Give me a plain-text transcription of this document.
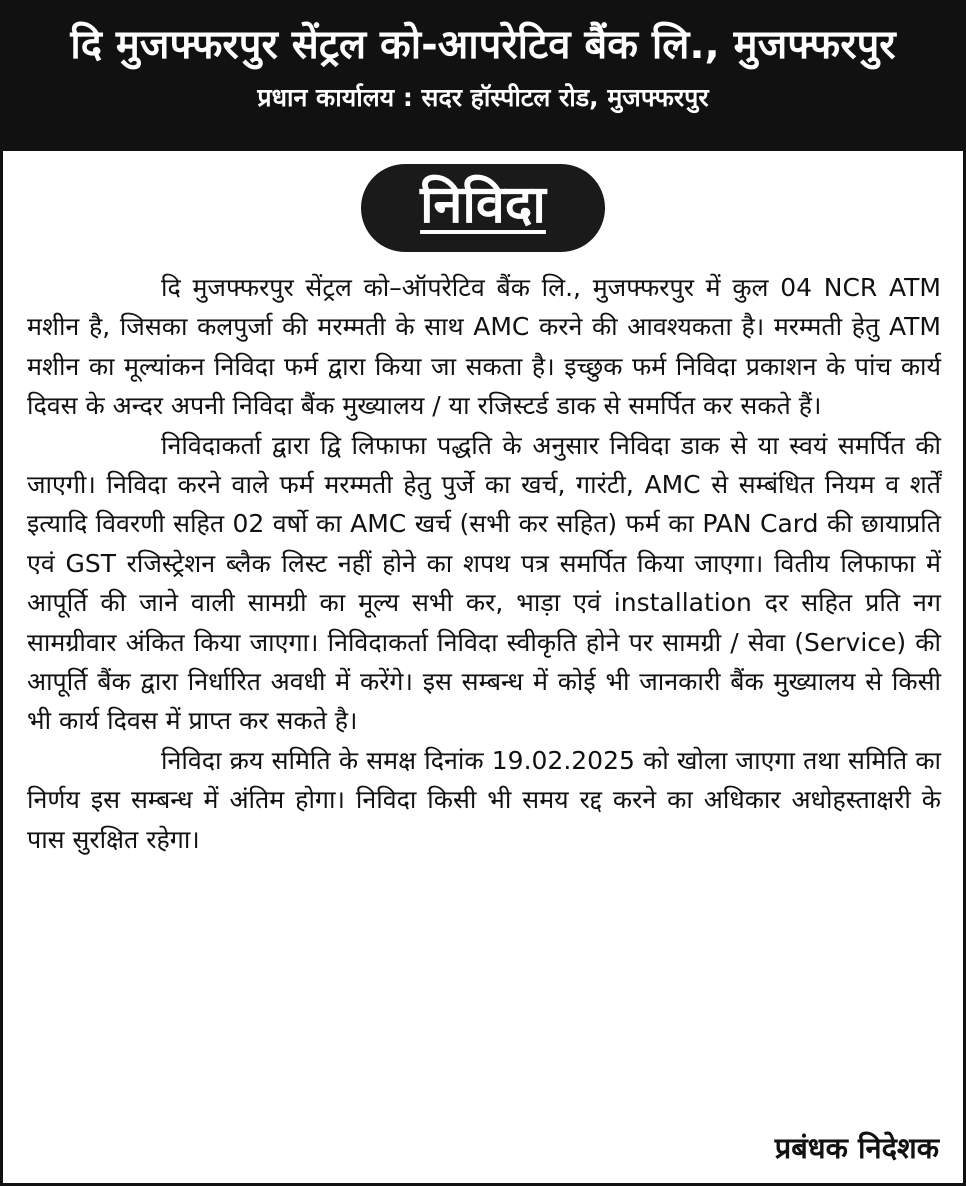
दि मुजफ्फरपुर सेंट्रल को-आपरेटिव बैंक लि., मुजफ्फरपुर
प्रधान कार्यालय : सदर हॉस्पीटल रोड, मुजफ्फरपुर
निविदा

दि मुजफ्फरपुर सेंट्रल को–ऑपरेटिव बैंक लि., मुजफ्फरपुर में कुल 04 NCR ATM मशीन है, जिसका कलपुर्जा की मरम्मती के साथ AMC करने की आवश्यकता है। मरम्मती हेतु ATM मशीन का मूल्यांकन निविदा फर्म द्वारा किया जा सकता है। इच्छुक फर्म निविदा प्रकाशन के पांच कार्य दिवस के अन्दर अपनी निविदा बैंक मुख्यालय / या रजिस्टर्ड डाक से समर्पित कर सकते हैं।

निविदाकर्ता द्वारा द्वि लिफाफा पद्धति के अनुसार निविदा डाक से या स्वयं समर्पित की जाएगी। निविदा करने वाले फर्म मरम्मती हेतु पुर्जे का खर्च, गारंटी, AMC से सम्बंधित नियम व शर्तें इत्यादि विवरणी सहित 02 वर्षो का AMC खर्च (सभी कर सहित) फर्म का PAN Card की छायाप्रति एवं GST रजिस्ट्रेशन ब्लैक लिस्ट नहीं होने का शपथ पत्र समर्पित किया जाएगा। वितीय लिफाफा में आपूर्ति की जाने वाली सामग्री का मूल्य सभी कर, भाड़ा एवं installation दर सहित प्रति नग सामग्रीवार अंकित किया जाएगा। निविदाकर्ता निविदा स्वीकृति होने पर सामग्री / सेवा (Service) की आपूर्ति बैंक द्वारा निर्धारित अवधी में करेंगे। इस सम्बन्ध में कोई भी जानकारी बैंक मुख्यालय से किसी भी कार्य दिवस में प्राप्त कर सकते है।

निविदा क्रय समिति के समक्ष दिनांक 19.02.2025 को खोला जाएगा तथा समिति का निर्णय इस सम्बन्ध में अंतिम होगा। निविदा किसी भी समय रद्द करने का अधिकार अधोहस्ताक्षरी के पास सुरक्षित रहेगा।

प्रबंधक निदेशक
